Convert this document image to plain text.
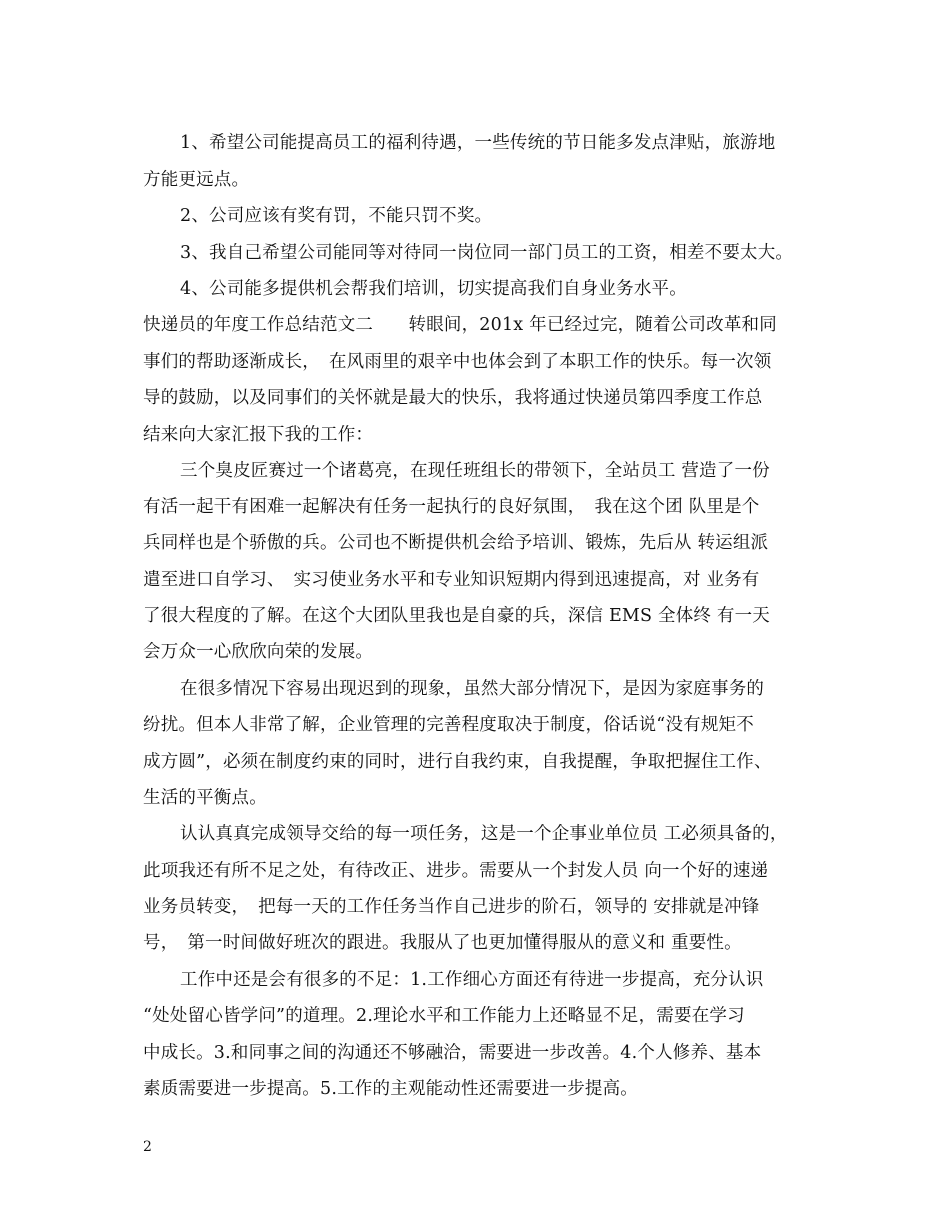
1、希望公司能提高员工的福利待遇，一些传统的节日能多发点津贴，旅游地
方能更远点。
2、公司应该有奖有罚，不能只罚不奖。
3、我自己希望公司能同等对待同一岗位同一部门员工的工资，相差不要太大。
4、公司能多提供机会帮我们培训，切实提高我们自身业务水平。
快递员的年度工作总结范文二　　转眼间，201x 年已经过完，随着公司改革和同
事们的帮助逐渐成长，　在风雨里的艰辛中也体会到了本职工作的快乐。每一次领
导的鼓励，以及同事们的关怀就是最大的快乐，我将通过快递员第四季度工作总
结来向大家汇报下我的工作：
三个臭皮匠赛过一个诸葛亮，在现任班组长的带领下，全站员工 营造了一份
有活一起干有困难一起解决有任务一起执行的良好氛围，　我在这个团 队里是个
兵同样也是个骄傲的兵。公司也不断提供机会给予培训、锻炼，先后从 转运组派
遣至进口自学习、　实习使业务水平和专业知识短期内得到迅速提高，对 业务有
了很大程度的了解。在这个大团队里我也是自豪的兵，深信 EMS 全体终 有一天
会万众一心欣欣向荣的发展。
在很多情况下容易出现迟到的现象，虽然大部分情况下，是因为家庭事务的
纷扰。但本人非常了解，企业管理的完善程度取决于制度，俗话说“没有规矩不
成方圆”，必须在制度约束的同时，进行自我约束，自我提醒，争取把握住工作、
生活的平衡点。
认认真真完成领导交给的每一项任务，这是一个企事业单位员 工必须具备的，
此项我还有所不足之处，有待改正、进步。需要从一个封发人员 向一个好的速递
业务员转变，　把每一天的工作任务当作自己进步的阶石，领导的 安排就是冲锋
号，　第一时间做好班次的跟进。我服从了也更加懂得服从的意义和 重要性。
工作中还是会有很多的不足：1.工作细心方面还有待进一步提高，充分认识
“处处留心皆学问”的道理。2.理论水平和工作能力上还略显不足，需要在学习
中成长。3.和同事之间的沟通还不够融洽，需要进一步改善。4.个人修养、基本
素质需要进一步提高。5.工作的主观能动性还需要进一步提高。
2
